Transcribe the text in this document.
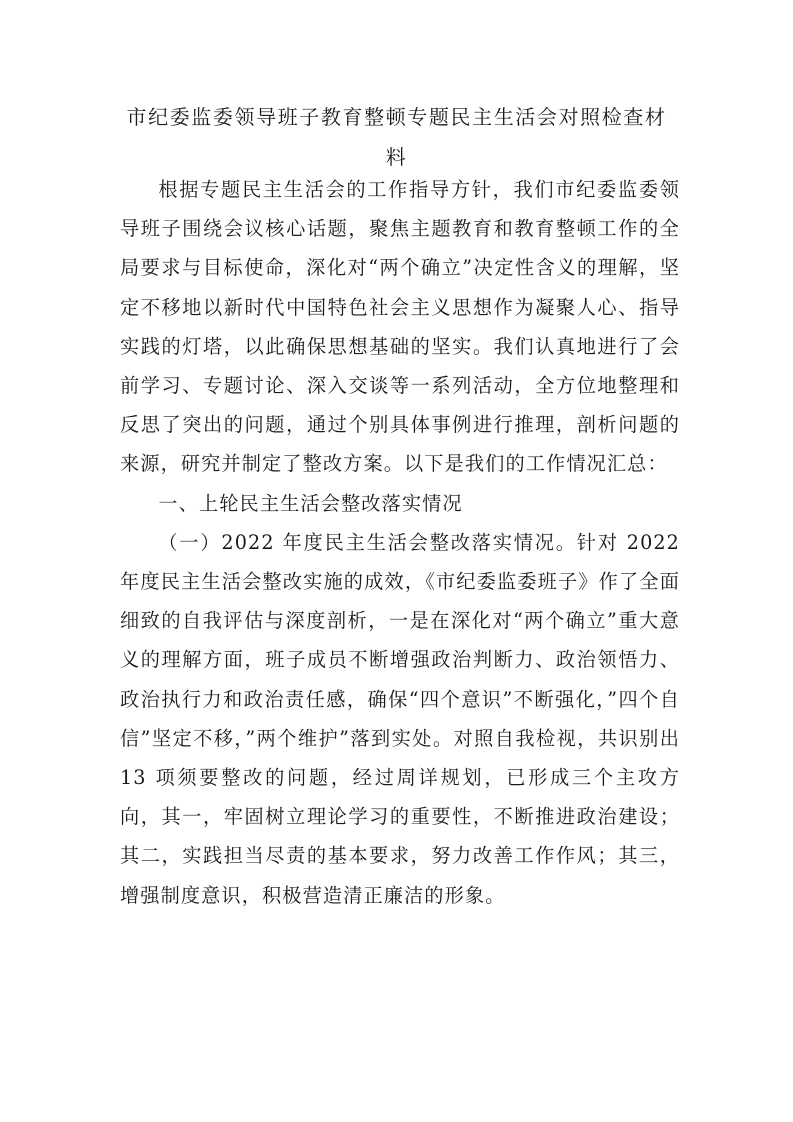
市纪委监委领导班子教育整顿专题民主生活会对照检查材料

根据专题民主生活会的工作指导方针，我们市纪委监委领导班子围绕会议核心话题，聚焦主题教育和教育整顿工作的全局要求与目标使命，深化对“两个确立”决定性含义的理解，坚定不移地以新时代中国特色社会主义思想作为凝聚人心、指导实践的灯塔，以此确保思想基础的坚实。我们认真地进行了会前学习、专题讨论、深入交谈等一系列活动，全方位地整理和反思了突出的问题，通过个别具体事例进行推理，剖析问题的来源，研究并制定了整改方案。以下是我们的工作情况汇总：

一、上轮民主生活会整改落实情况

（一）2022 年度民主生活会整改落实情况。针对 2022 年度民主生活会整改实施的成效，《市纪委监委班子》作了全面细致的自我评估与深度剖析，一是在深化对“两个确立”重大意义的理解方面，班子成员不断增强政治判断力、政治领悟力、政治执行力和政治责任感，确保“四个意识”不断强化，”四个自信”坚定不移，”两个维护”落到实处。对照自我检视，共识别出 13 项须要整改的问题，经过周详规划，已形成三个主攻方向，其一，牢固树立理论学习的重要性，不断推进政治建设；其二，实践担当尽责的基本要求，努力改善工作作风；其三，增强制度意识，积极营造清正廉洁的形象。
